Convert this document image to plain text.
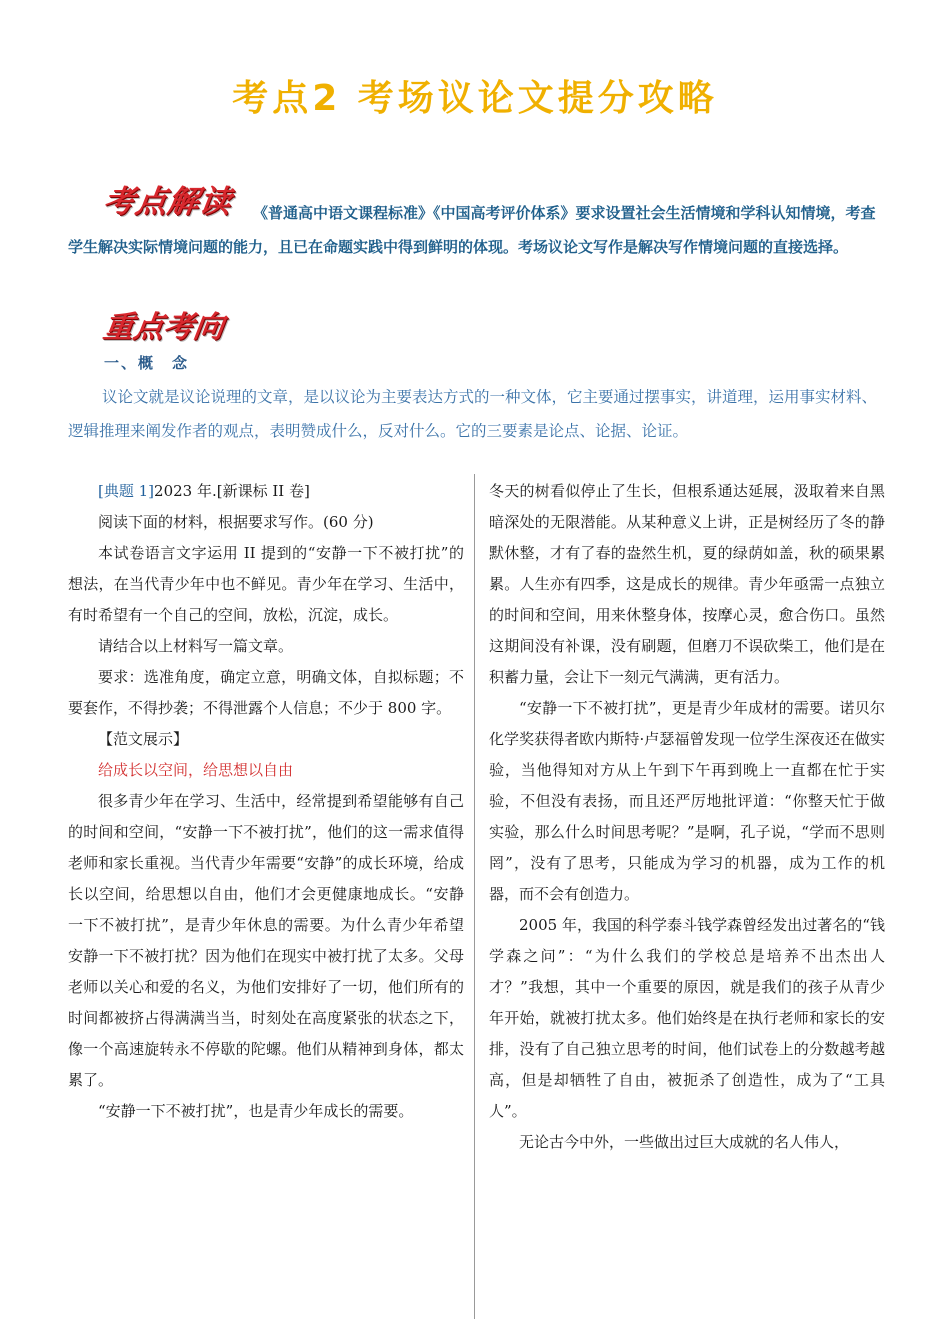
考点2 考场议论文提分攻略
考点解读	《普通高中语文课程标准》《中国高考评价体系》要求设置社会生活情境和学科认知情境，考查学生解决实际情境问题的能力，且已在命题实践中得到鲜明的体现。考场议论文写作是解决写作情境问题的直接选择。
重点考向
一、概　念
议论文就是议论说理的文章，是以议论为主要表达方式的一种文体，它主要通过摆事实，讲道理，运用事实材料、逻辑推理来阐发作者的观点，表明赞成什么，反对什么。它的三要素是论点、论据、论证。

[典题 1]2023 年.[新课标 II 卷]

阅读下面的材料，根据要求写作。(60 分)

本试卷语言文字运用 II 提到的“安静一下不被打扰”的想法，在当代青少年中也不鲜见。青少年在学习、生活中，有时希望有一个自己的空间，放松，沉淀，成长。

请结合以上材料写一篇文章。

要求：选准角度，确定立意，明确文体，自拟标题；不要套作，不得抄袭；不得泄露个人信息；不少于 800 字。

【范文展示】

给成长以空间，给思想以自由

很多青少年在学习、生活中，经常提到希望能够有自己的时间和空间，“安静一下不被打扰”，他们的这一需求值得老师和家长重视。当代青少年需要“安静”的成长环境，给成长以空间，给思想以自由，他们才会更健康地成长。“安静一下不被打扰”，是青少年休息的需要。为什么青少年希望安静一下不被打扰？因为他们在现实中被打扰了太多。父母老师以关心和爱的名义，为他们安排好了一切，他们所有的时间都被挤占得满满当当，时刻处在高度紧张的状态之下，像一个高速旋转永不停歇的陀螺。他们从精神到身体，都太累了。

“安静一下不被打扰”，也是青少年成长的需要。

冬天的树看似停止了生长，但根系通达延展，汲取着来自黑暗深处的无限潜能。从某种意义上讲，正是树经历了冬的静默休整，才有了春的盎然生机，夏的绿荫如盖，秋的硕果累累。人生亦有四季，这是成长的规律。青少年亟需一点独立的时间和空间，用来休整身体，按摩心灵，愈合伤口。虽然这期间没有补课，没有刷题，但磨刀不误砍柴工，他们是在积蓄力量，会让下一刻元气满满，更有活力。

“安静一下不被打扰”，更是青少年成材的需要。诺贝尔化学奖获得者欧内斯特·卢瑟福曾发现一位学生深夜还在做实验，当他得知对方从上午到下午再到晚上一直都在忙于实验，不但没有表扬，而且还严厉地批评道：“你整天忙于做实验，那么什么时间思考呢？”是啊，孔子说，“学而不思则罔”，没有了思考，只能成为学习的机器，成为工作的机器，而不会有创造力。

2005 年，我国的科学泰斗钱学森曾经发出过著名的“钱学森之问”：“为什么我们的学校总是培养不出杰出人才？”我想，其中一个重要的原因，就是我们的孩子从青少年开始，就被打扰太多。他们始终是在执行老师和家长的安排，没有了自己独立思考的时间，他们试卷上的分数越考越高，但是却牺牲了自由，被扼杀了创造性，成为了“工具人”。

无论古今中外，一些做出过巨大成就的名人伟人，
